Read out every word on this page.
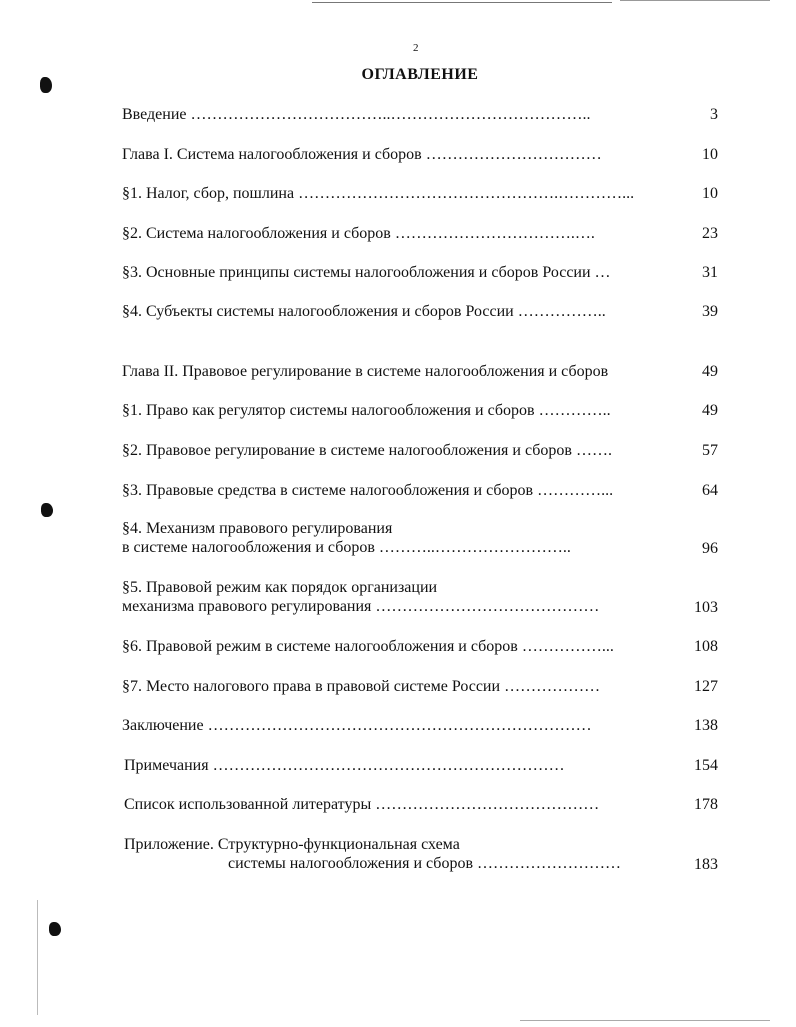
2
ОГЛАВЛЕНИЕ
Введение ………………………………..………………………………..	3
Глава I. Система налогообложения и сборов ……………………………	10
§1. Налог, сбор, пошлина ………………………………………….…………...	10
§2. Система налогообложения и сборов …………………………….….	23
§3. Основные принципы системы налогообложения и сборов России …	31
§4. Субъекты системы налогообложения и сборов России ……………..	39
Глава II. Правовое регулирование в системе налогообложения и сборов	49
§1. Право как регулятор системы налогообложения и сборов …………..	49
§2. Правовое регулирование в системе налогообложения и сборов …….	57
§3. Правовые средства в системе налогообложения и сборов …………...	64
§4. Механизм правового регулирования
в системе налогообложения и сборов ………..……………………..	96
§5. Правовой режим как порядок организации
механизма правового регулирования ……………………………………	103
§6. Правовой режим в системе налогообложения и сборов ……………...	108
§7. Место налогового права в правовой системе России ………………	127
Заключение ………………………………………………………………	138
Примечания …………………………………………………………	154
Список использованной литературы ……………………………………	178
Приложение. Структурно-функциональная схема
системы налогообложения и сборов ………………………	183
